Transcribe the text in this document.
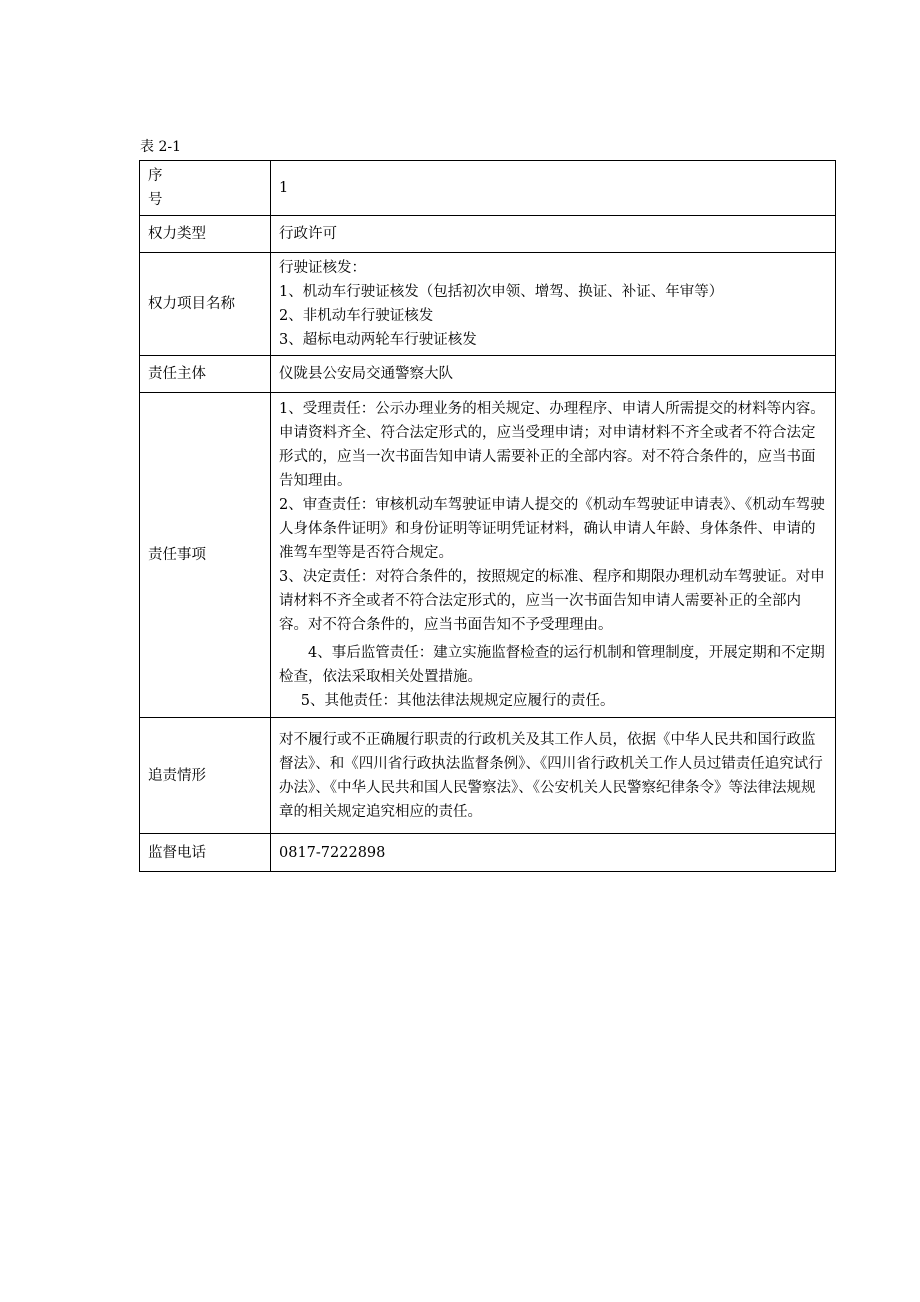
表 2-1
序 号	1
权力类型	行政许可
权力项目名称	行驶证核发：
1、机动车行驶证核发（包括初次申领、增驾、换证、补证、年审等）
2、非机动车行驶证核发
3、超标电动两轮车行驶证核发

责任主体	仪陇县公安局交通警察大队
责任事项	1、受理责任：公示办理业务的相关规定、办理程序、申请人所需提交的材料等内容。申请资料齐全、符合法定形式的，应当受理申请；对申请材料不齐全或者不符合法定形式的，应当一次书面告知申请人需要补正的全部内容。对不符合条件的，应当书面告知理由。
2、审查责任：审核机动车驾驶证申请人提交的《机动车驾驶证申请表》、《机动车驾驶人身体条件证明》和身份证明等证明凭证材料，确认申请人年龄、身体条件、申请的准驾车型等是否符合规定。
3、决定责任：对符合条件的，按照规定的标准、程序和期限办理机动车驾驶证。对申请材料不齐全或者不符合法定形式的，应当一次书面告知申请人需要补正的全部内容。对不符合条件的，应当书面告知不予受理理由。
4、事后监管责任：建立实施监督检查的运行机制和管理制度，开展定期和不定期检查，依法采取相关处置措施。
5、其他责任：其他法律法规规定应履行的责任。

追责情形	对不履行或不正确履行职责的行政机关及其工作人员，依据《中华人民共和国行政监督法》、和《四川省行政执法监督条例》、《四川省行政机关工作人员过错责任追究试行办法》、《中华人民共和国人民警察法》、《公安机关人民警察纪律条令》等法律法规规章的相关规定追究相应的责任。
监督电话	0817-7222898
